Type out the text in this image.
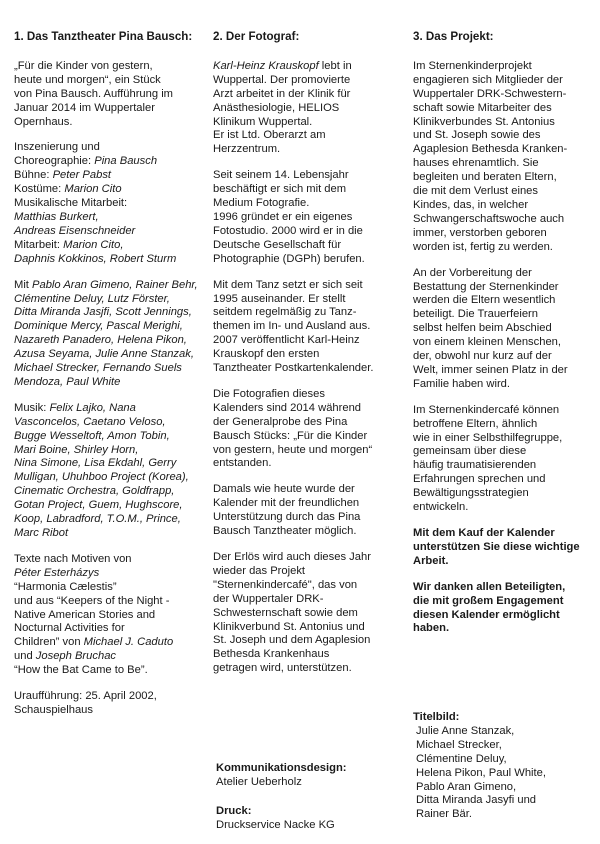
1. Das Tanztheater Pina Bausch:
„Für die Kinder von gestern,
heute und morgen“, ein Stück
von Pina Bausch. Aufführung im
Januar 2014 im Wuppertaler
Opernhaus.
Inszenierung und
Choreographie: Pina Bausch
Bühne: Peter Pabst
Kostüme: Marion Cito
Musikalische Mitarbeit:
Matthias Burkert,
Andreas Eisenschneider
Mitarbeit: Marion Cito,
Daphnis Kokkinos, Robert Sturm
Mit Pablo Aran Gimeno, Rainer Behr,
Clémentine Deluy, Lutz Förster,
Ditta Miranda Jasjfi, Scott Jennings,
Dominique Mercy, Pascal Merighi,
Nazareth Panadero, Helena Pikon,
Azusa Seyama, Julie Anne Stanzak,
Michael Strecker, Fernando Suels
Mendoza, Paul White
Musik: Felix Lajko, Nana
Vasconcelos, Caetano Veloso,
Bugge Wesseltoft, Amon Tobin,
Mari Boine, Shirley Horn,
Nina Simone, Lisa Ekdahl, Gerry
Mulligan, Uhuhboo Project (Korea),
Cinematic Orchestra, Goldfrapp,
Gotan Project, Guem, Hughscore,
Koop, Labradford, T.O.M., Prince,
Marc Ribot
Texte nach Motiven von
Péter Esterházys
“Harmonia Cælestis”
und aus “Keepers of the Night -
Native American Stories and
Nocturnal Activities for
Children” von Michael J. Caduto
und Joseph Bruchac
“How the Bat Came to Be”.
Uraufführung: 25. April 2002,
Schauspielhaus
2. Der Fotograf:
Karl-Heinz Krauskopf lebt in
Wuppertal. Der promovierte
Arzt arbeitet in der Klinik für
Anästhesiologie, HELIOS
Klinikum Wuppertal.
Er ist Ltd. Oberarzt am
Herzzentrum.
Seit seinem 14. Lebensjahr
beschäftigt er sich mit dem
Medium Fotografie.
1996 gründet er ein eigenes
Fotostudio. 2000 wird er in die
Deutsche Gesellschaft für
Photographie (DGPh) berufen.
Mit dem Tanz setzt er sich seit
1995 auseinander. Er stellt
seitdem regelmäßig zu Tanz-
themen im In- und Ausland aus.
2007 veröffentlicht Karl-Heinz
Krauskopf den ersten
Tanztheater Postkartenkalender.
Die Fotografien dieses
Kalenders sind 2014 während
der Generalprobe des Pina
Bausch Stücks: „Für die Kinder
von gestern, heute und morgen“
entstanden.
Damals wie heute wurde der
Kalender mit der freundlichen
Unterstützung durch das Pina
Bausch Tanztheater möglich.
Der Erlös wird auch dieses Jahr
wieder das Projekt
"Sternenkindercafé", das von
der Wuppertaler DRK-
Schwesternschaft sowie dem
Klinikverbund St. Antonius und
St. Joseph und dem Agaplesion
Bethesda Krankenhaus
getragen wird, unterstützen.
Kommunikationsdesign:
Atelier Ueberholz
Druck:
Druckservice Nacke KG
3. Das Projekt:
Im Sternenkinderprojekt
engagieren sich Mitglieder der
Wuppertaler DRK-Schwestern-
schaft sowie Mitarbeiter des
Klinikverbundes St. Antonius
und St. Joseph sowie des
Agaplesion Bethesda Kranken-
hauses ehrenamtlich. Sie
begleiten und beraten Eltern,
die mit dem Verlust eines
Kindes, das, in welcher
Schwangerschaftswoche auch
immer, verstorben geboren
worden ist, fertig zu werden.
An der Vorbereitung der
Bestattung der Sternenkinder
werden die Eltern wesentlich
beteiligt. Die Trauerfeiern
selbst helfen beim Abschied
von einem kleinen Menschen,
der, obwohl nur kurz auf der
Welt, immer seinen Platz in der
Familie haben wird.
Im Sternenkindercafé können
betroffene Eltern, ähnlich
wie in einer Selbsthilfegruppe,
gemeinsam über diese
häufig traumatisierenden
Erfahrungen sprechen und
Bewältigungsstrategien
entwickeln.
Mit dem Kauf der Kalender
unterstützen Sie diese wichtige
Arbeit.
Wir danken allen Beteiligten,
die mit großem Engagement
diesen Kalender ermöglicht
haben.
Titelbild:
Julie Anne Stanzak,
Michael Strecker,
Clémentine Deluy,
Helena Pikon, Paul White,
Pablo Aran Gimeno,
Ditta Miranda Jasyfi und
Rainer Bär.
